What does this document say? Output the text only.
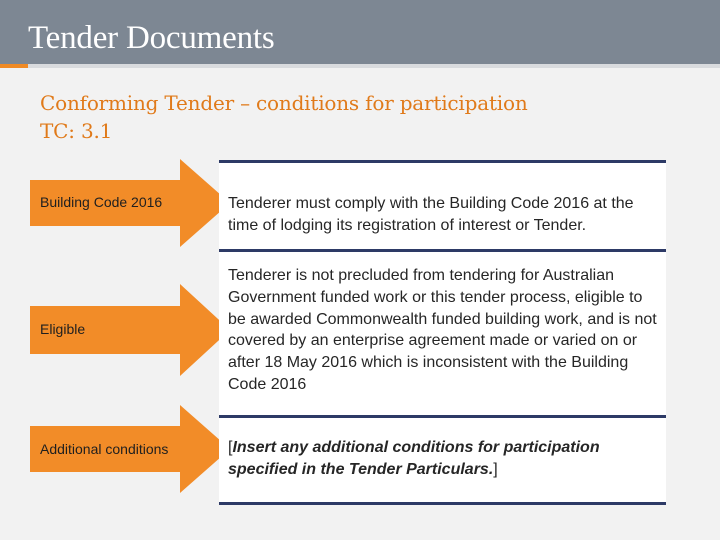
Tender Documents
Conforming Tender – conditions for participation
TC: 3.1
Building Code 2016	Tenderer must comply with the Building Code 2016 at the time of lodging its registration of interest or Tender.
Eligible
Tenderer is not precluded from tendering for Australian Government funded work or this tender process, eligible to be awarded Commonwealth funded building work, and is not covered by an enterprise agreement made or varied on or after 18 May 2016 which is inconsistent with the Building Code 2016
Additional conditions	[Insert any additional conditions for participation specified in the Tender Particulars.]
